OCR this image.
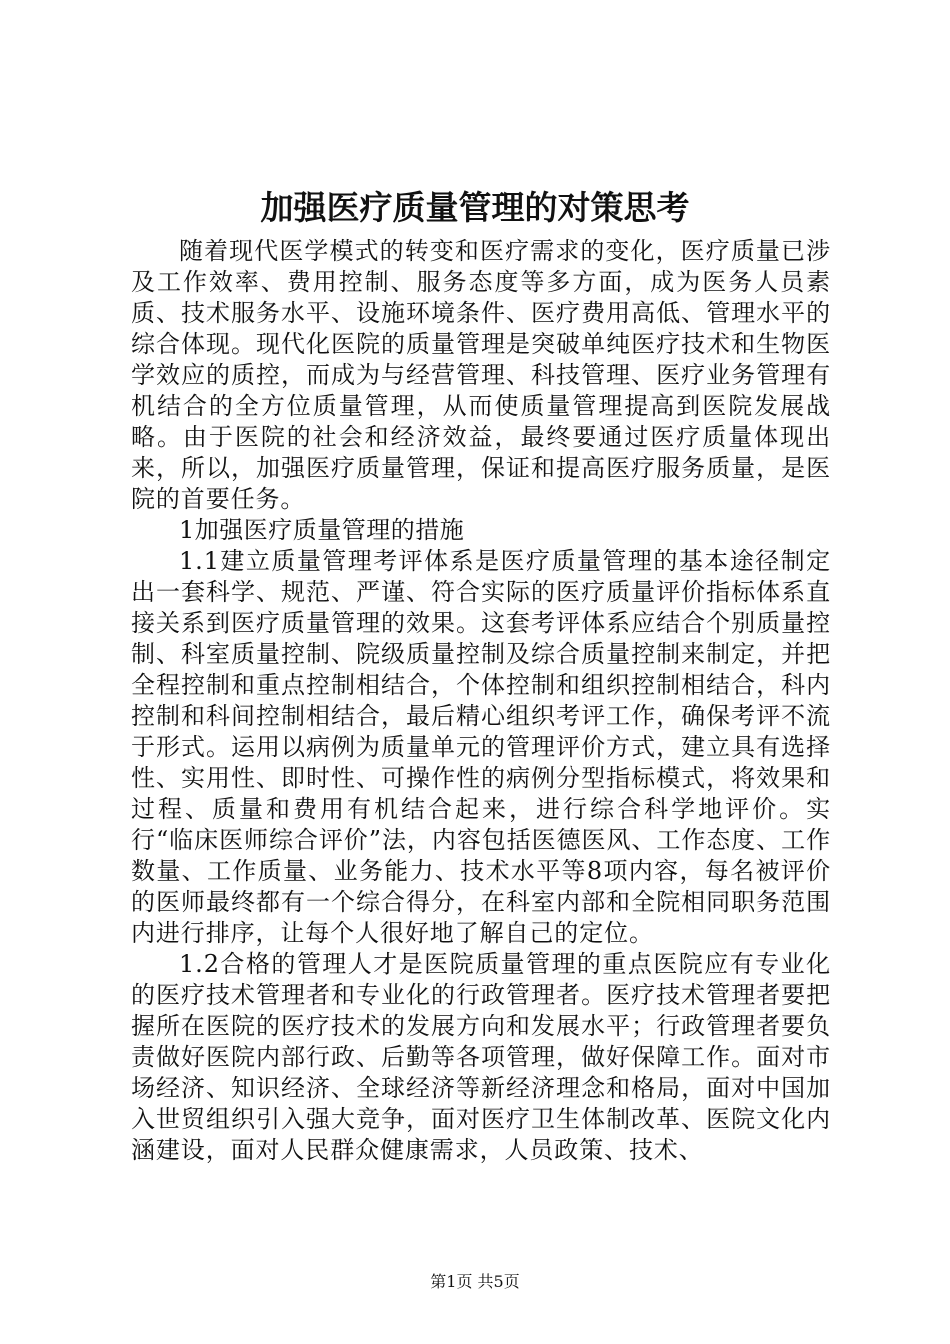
加强医疗质量管理的对策思考

随着现代医学模式的转变和医疗需求的变化，医疗质量已涉及工作效率、费用控制、服务态度等多方面，成为医务人员素质、技术服务水平、设施环境条件、医疗费用高低、管理水平的综合体现。现代化医院的质量管理是突破单纯医疗技术和生物医学效应的质控，而成为与经营管理、科技管理、医疗业务管理有机结合的全方位质量管理，从而使质量管理提高到医院发展战略。由于医院的社会和经济效益，最终要通过医疗质量体现出来，所以，加强医疗质量管理，保证和提高医疗服务质量，是医院的首要任务。

1加强医疗质量管理的措施

1.1建立质量管理考评体系是医疗质量管理的基本途径制定出一套科学、规范、严谨、符合实际的医疗质量评价指标体系直接关系到医疗质量管理的效果。这套考评体系应结合个别质量控制、科室质量控制、院级质量控制及综合质量控制来制定，并把全程控制和重点控制相结合，个体控制和组织控制相结合，科内控制和科间控制相结合，最后精心组织考评工作，确保考评不流于形式。运用以病例为质量单元的管理评价方式，建立具有选择性、实用性、即时性、可操作性的病例分型指标模式，将效果和过程、质量和费用有机结合起来，进行综合科学地评价。实行“临床医师综合评价”法，内容包括医德医风、工作态度、工作数量、工作质量、业务能力、技术水平等8项内容，每名被评价的医师最终都有一个综合得分，在科室内部和全院相同职务范围内进行排序，让每个人很好地了解自己的定位。

1.2合格的管理人才是医院质量管理的重点医院应有专业化的医疗技术管理者和专业化的行政管理者。医疗技术管理者要把握所在医院的医疗技术的发展方向和发展水平；行政管理者要负责做好医院内部行政、后勤等各项管理，做好保障工作。面对市场经济、知识经济、全球经济等新经济理念和格局，面对中国加入世贸组织引入强大竞争，面对医疗卫生体制改革、医院文化内涵建设，面对人民群众健康需求，人员政策、技术、

第1页 共5页
